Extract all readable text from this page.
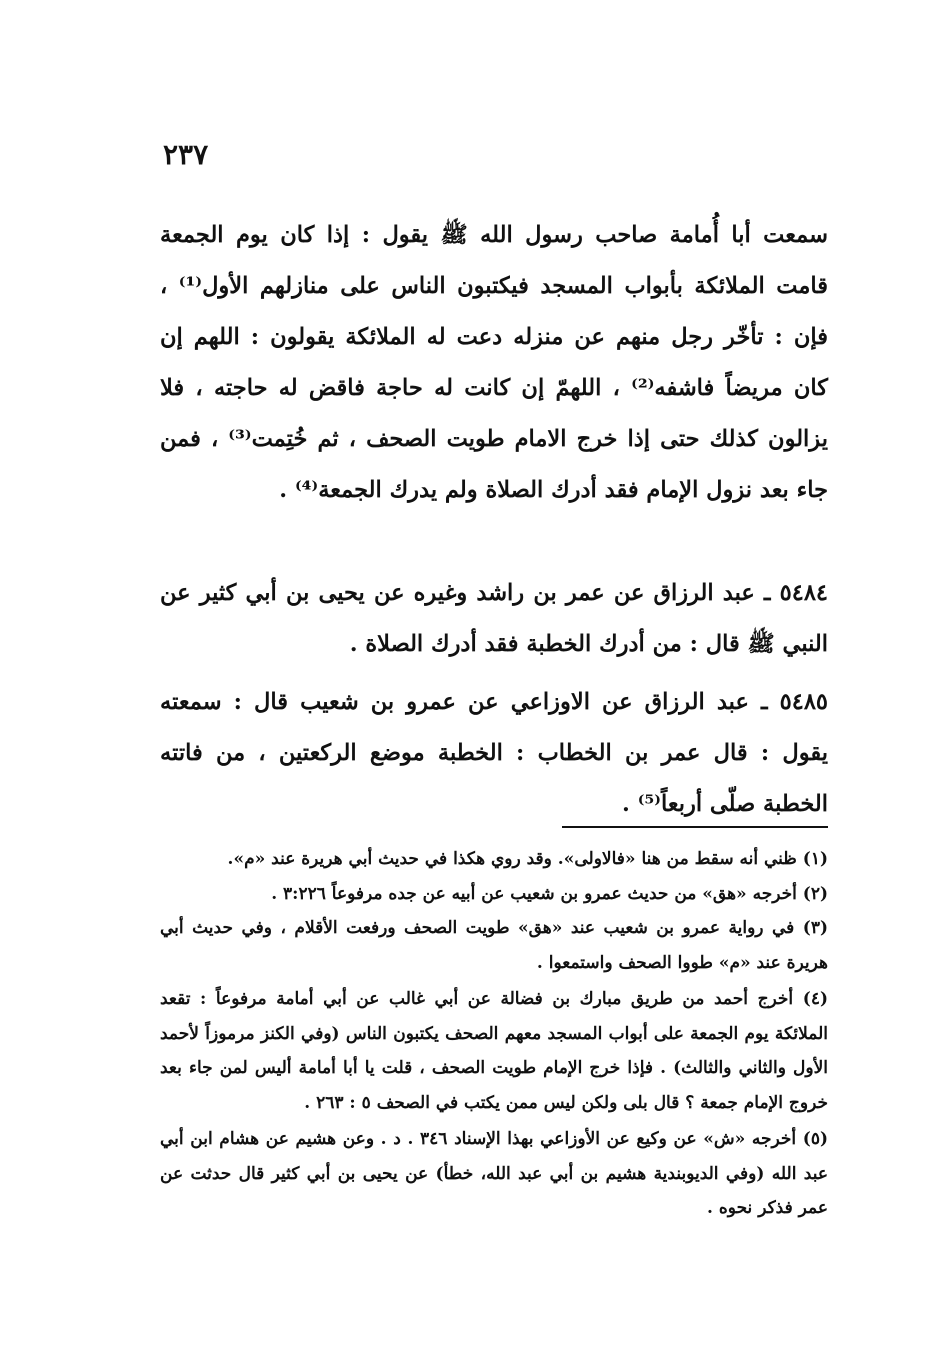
٢٣٧

سمعت أبا أُمامة صاحب رسول الله ﷺ يقول : إذا كان يوم الجمعة قامت الملائكة بأبواب المسجد فيكتبون الناس على منازلهم الأول⁽¹⁾ ، فإن : تأخّر رجل منهم عن منزله دعت له الملائكة يقولون : اللهم إن كان مريضاً فاشفه⁽²⁾ ، اللهمّ إن كانت له حاجة فاقض له حاجته ، فلا يزالون كذلك حتى إذا خرج الامام طويت الصحف ، ثم خُتِمت⁽³⁾ ، فمن جاء بعد نزول الإمام فقد أدرك الصلاة ولم يدرك الجمعة⁽⁴⁾ .

٥٤٨٤ ـ عبد الرزاق عن عمر بن راشد وغيره عن يحيى بن أبي كثير عن النبي ﷺ قال : من أدرك الخطبة فقد أدرك الصلاة .

٥٤٨٥ ـ عبد الرزاق عن الاوزاعي عن عمرو بن شعيب قال : سمعته يقول : قال عمر بن الخطاب : الخطبة موضع الركعتين ، من فاتته الخطبة صلّى أربعاً⁽⁵⁾ .

(١) ظني أنه سقط من هنا «فالاولى». وقد روي هكذا في حديث أبي هريرة عند «م».

(٢) أخرجه «هق» من حديث عمرو بن شعيب عن أبيه عن جده مرفوعاً ٣:٢٢٦ .

(٣) في رواية عمرو بن شعيب عند «هق» طويت الصحف ورفعت الأقلام ، وفي حديث أبي هريرة عند «م» طووا الصحف واستمعوا .

(٤) أخرج أحمد من طريق مبارك بن فضالة عن أبي غالب عن أبي أمامة مرفوعاً : تقعد الملائكة يوم الجمعة على أبواب المسجد معهم الصحف يكتبون الناس (وفي الكنز مرموزاً لأحمد الأول والثاني والثالث) . فإذا خرج الإمام طويت الصحف ، قلت يا أبا أمامة أليس لمن جاء بعد خروج الإمام جمعة ؟ قال بلى ولكن ليس ممن يكتب في الصحف ٥ : ٢٦٣ .

(٥) أخرجه «ش» عن وكيع عن الأوزاعي بهذا الإسناد ٣٤٦ . د . وعن هشيم عن هشام ابن أبي عبد الله (وفي الديوبندية هشيم بن أبي عبد الله، خطأ) عن يحيى بن أبي كثير قال حدثت عن عمر فذكر نحوه .
